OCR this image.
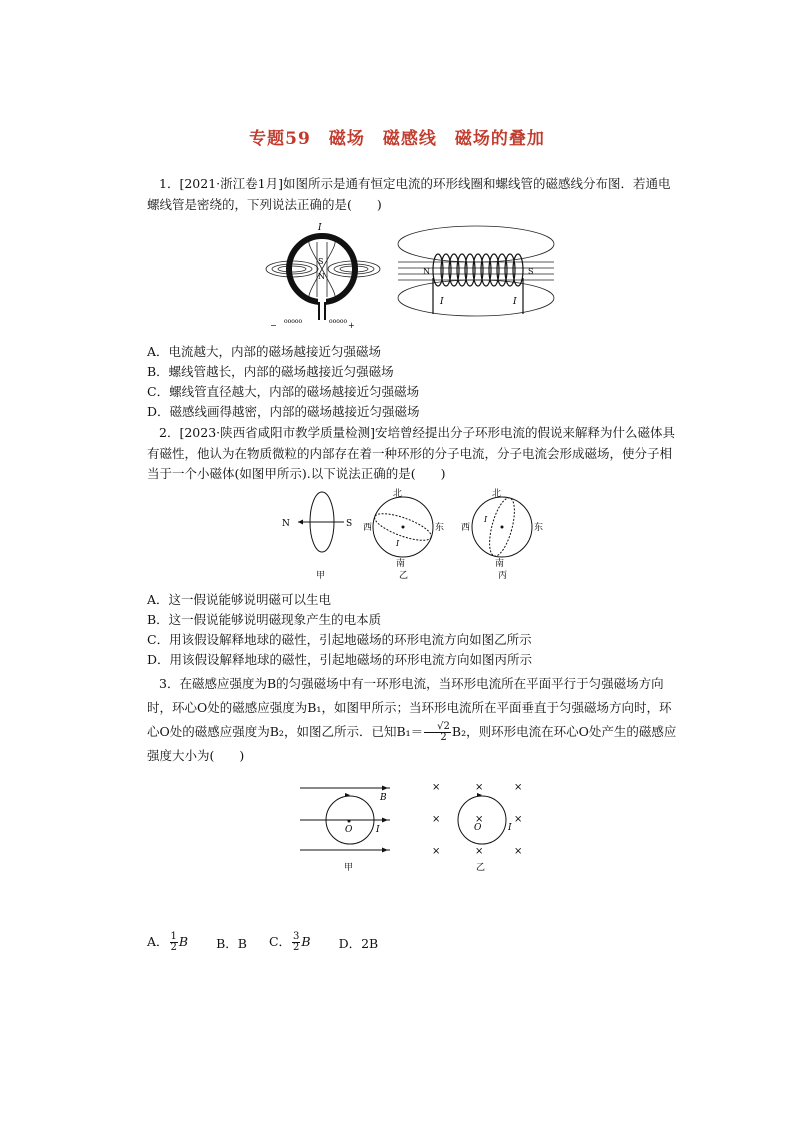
专题59　磁场　磁感线　磁场的叠加
1．[2021·浙江卷1月]如图所示是通有恒定电流的环形线圈和螺线管的磁感线分布图．若通电螺线管是密绕的，下列说法正确的是(　　)
−	+
ooooo	ooooo
I
S
N
N	S
I	I
A．电流越大，内部的磁场越接近匀强磁场
B．螺线管越长，内部的磁场越接近匀强磁场
C．螺线管直径越大，内部的磁场越接近匀强磁场
D．磁感线画得越密，内部的磁场越接近匀强磁场
2．[2023·陕西省咸阳市教学质量检测]安培曾经提出分子环形电流的假说来解释为什么磁体具有磁性，他认为在物质微粒的内部存在着一种环形的分子电流，分子电流会形成磁场，使分子相当于一个小磁体(如图甲所示).以下说法正确的是(　　)
N	S
甲
北
南
西	东
I
乙
北
南
西	东
I
丙
A．这一假说能够说明磁可以生电
B．这一假说能够说明磁现象产生的电本质
C．用该假设解释地球的磁性，引起地磁场的环形电流方向如图乙所示
D．用该假设解释地球的磁性，引起地磁场的环形电流方向如图丙所示
3．在磁感应强度为B的匀强磁场中有一环形电流，当环形电流所在平面平行于匀强磁场方向时，环心O处的磁感应强度为B₁，如图甲所示；当环形电流所在平面垂直于匀强磁场方向时，环心O处的磁感应强度为B₂，如图乙所示．已知$B_1= \frac{√2}{2} B_2$，则环形电流在环心O处产生的磁感应强度大小为(　　)
B
O	I
甲
O	I
乙
×	×	×
×	×	×
×	×	×
A． $\frac{1}{2}$ B B．B C． $\frac{3}{2}$ B D．2B
